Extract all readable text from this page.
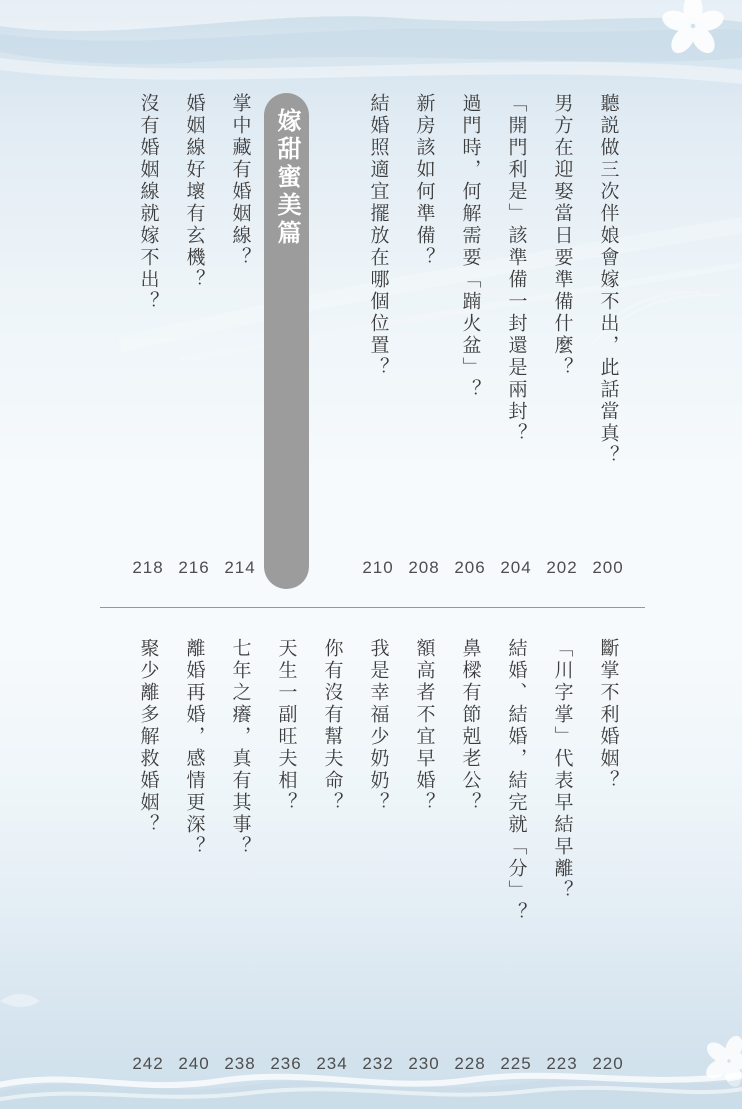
沒有婚姻線就嫁不出？
218
婚姻線好壞有玄機？
216
掌中藏有婚姻線？
214
嫁甜蜜美篇	結婚照適宜擺放在哪個位置？
210
新房該如何準備？
208
過門時，何解需要「𨂾火盆」？
206
「開門利是」該準備一封還是兩封？
204
男方在迎娶當日要準備什麼？
202
聽説做三次伴娘會嫁不出，此話當真？
200
聚少離多解救婚姻？
242
離婚再婚，感情更深？
240
七年之癢，真有其事？
238
天生一副旺夫相？
236
你有沒有幫夫命？
234
我是幸福少奶奶？
232
額高者不宜早婚？
230
鼻樑有節剋老公？
228
結婚、結婚，結完就「分」？
225
「川字掌」代表早結早離？
223
斷掌不利婚姻？
220
